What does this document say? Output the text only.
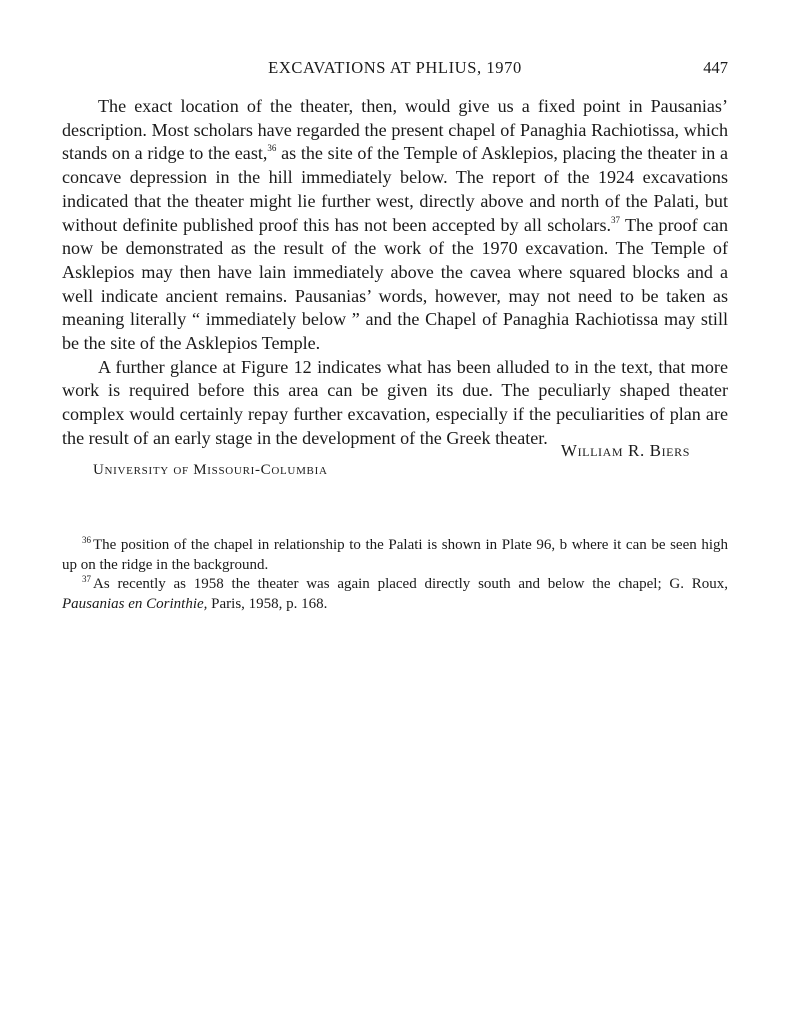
EXCAVATIONS AT PHLIUS, 1970	447

The exact location of the theater, then, would give us a fixed point in Pausanias’ description. Most scholars have regarded the present chapel of Panaghia Rachiotissa, which stands on a ridge to the east,$^{36}$ as the site of the Temple of Asklepios, placing the theater in a concave depression in the hill immediately below. The report of the 1924 excavations indicated that the theater might lie further west, directly above and north of the Palati, but without definite published proof this has not been accepted by all scholars.$^{37}$ The proof can now be demonstrated as the result of the work of the 1970 excavation. The Temple of Asklepios may then have lain immediately above the cavea where squared blocks and a well indicate ancient remains. Pausanias’ words, however, may not need to be taken as meaning literally “ immediately below ” and the Chapel of Panaghia Rachiotissa may still be the site of the Asklepios Temple.

A further glance at Figure 12 indicates what has been alluded to in the text, that more work is required before this area can be given its due. The peculiarly shaped theater complex would certainly repay further excavation, especially if the peculiarities of plan are the result of an early stage in the development of the Greek theater.

William R. Biers
University of Missouri-Columbia

$^{36}$ The position of the chapel in relationship to the Palati is shown in Plate 96, b where it can be seen high up on the ridge in the background.

$^{37}$ As recently as 1958 the theater was again placed directly south and below the chapel; G. Roux, Pausanias en Corinthie, Paris, 1958, p. 168.
